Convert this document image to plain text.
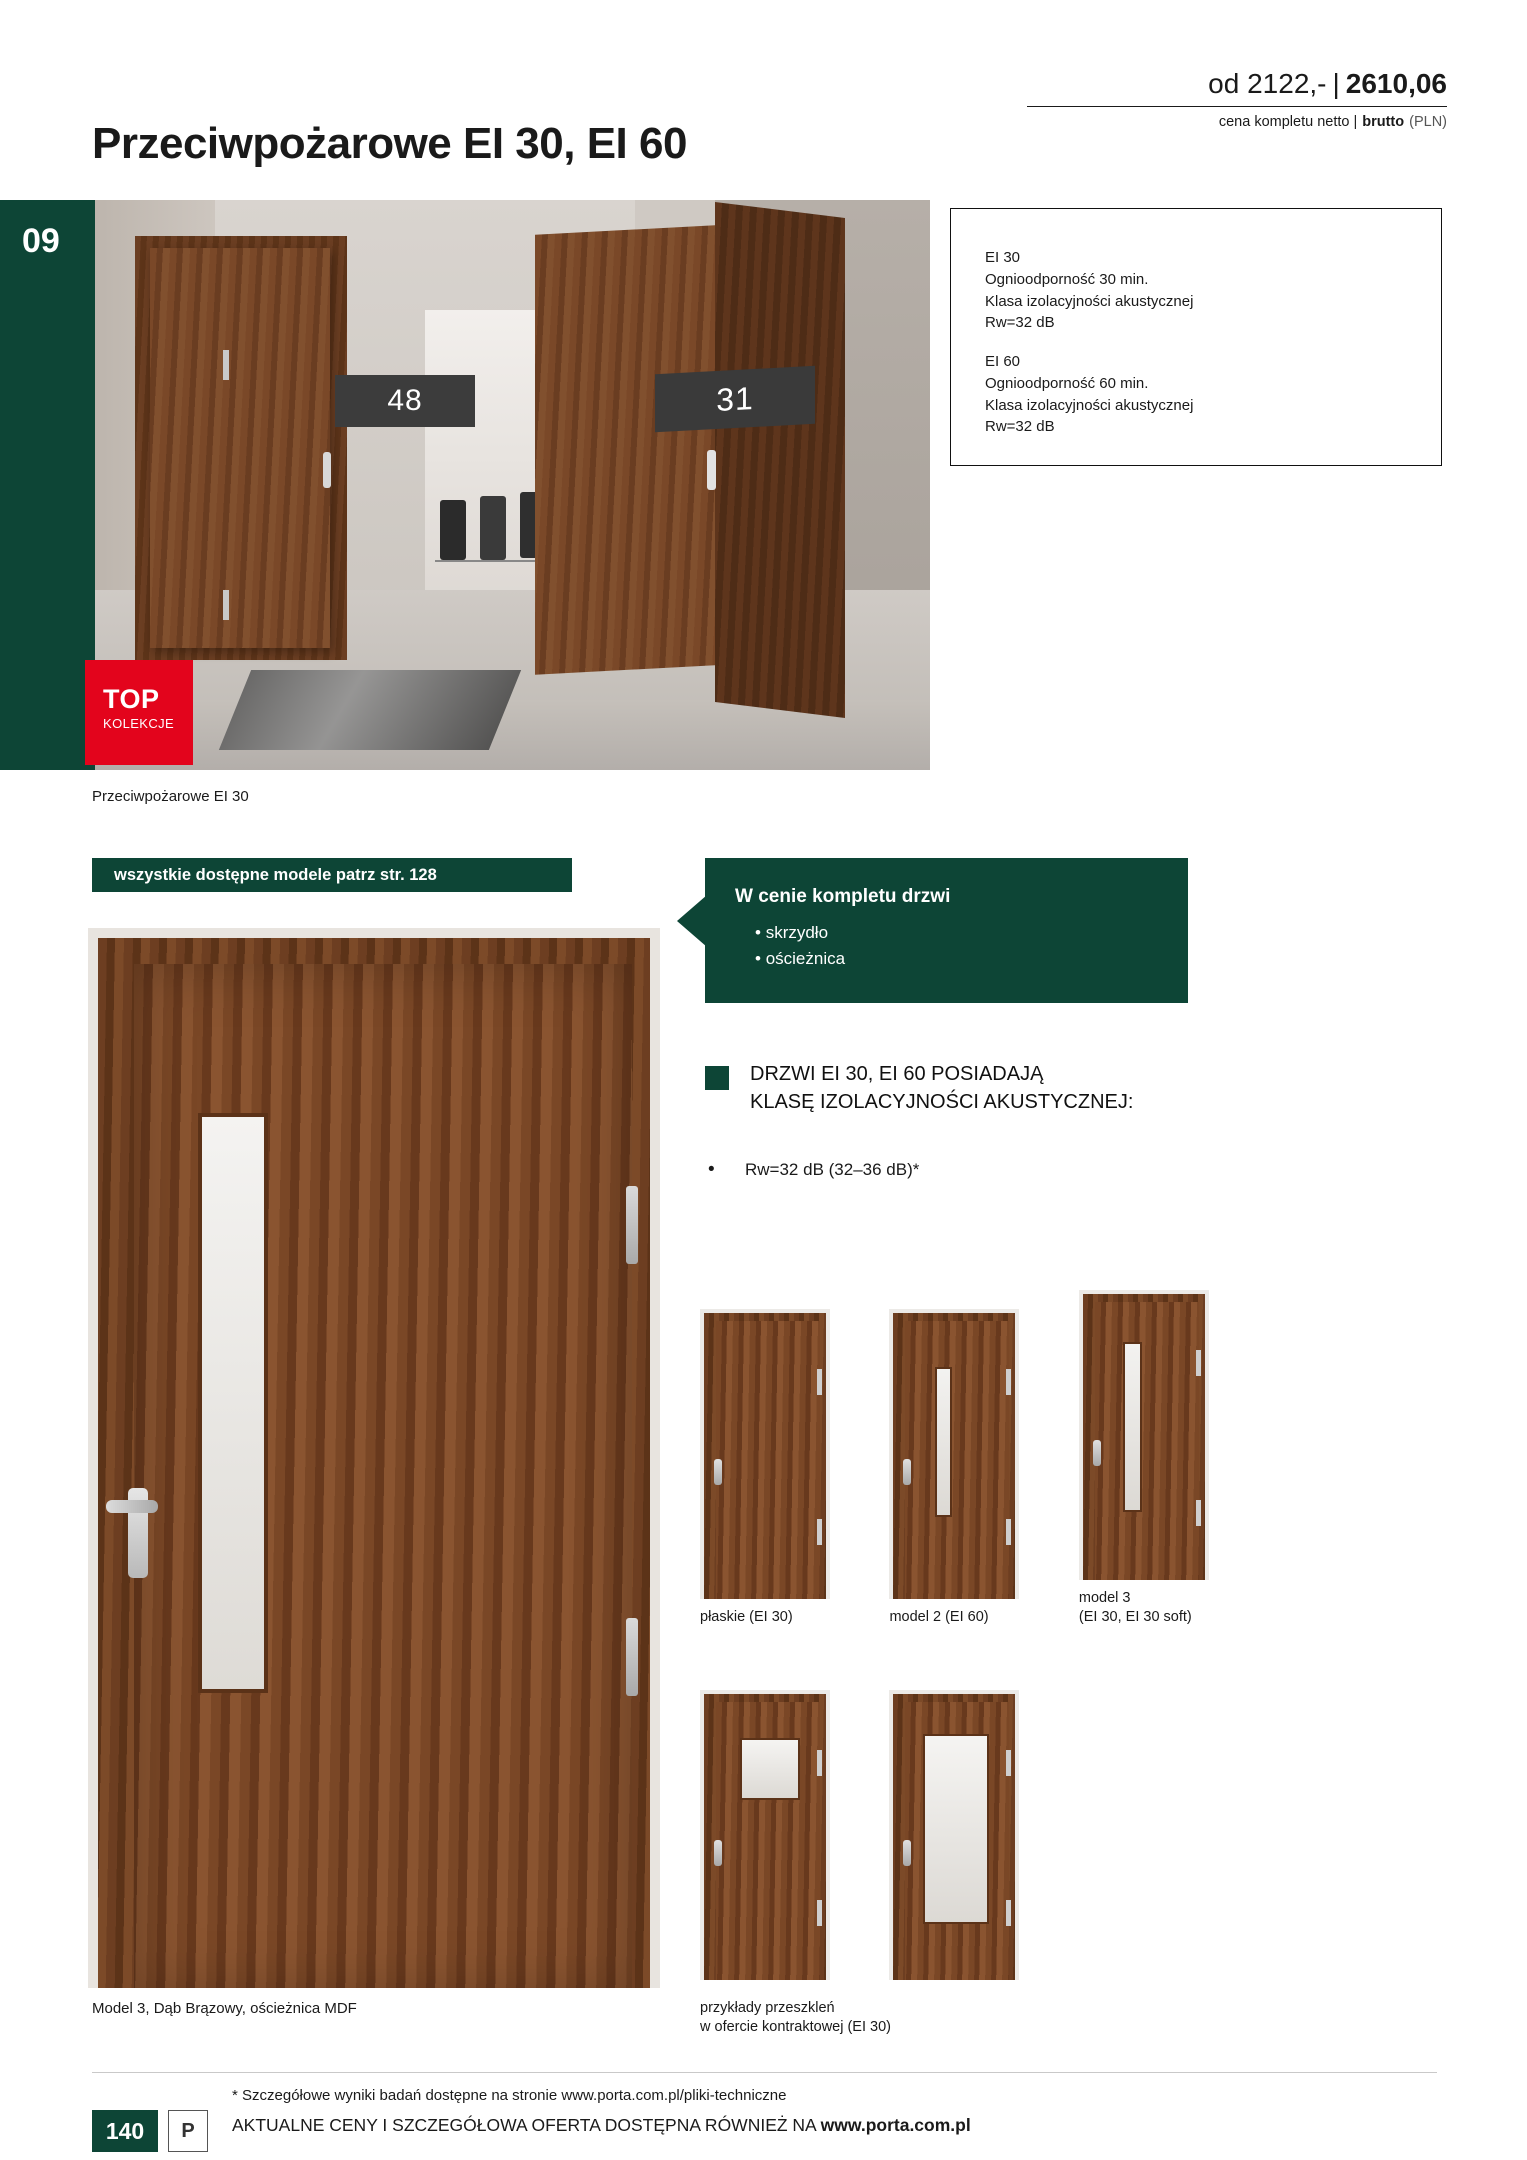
Przeciwpożarowe EI 30, EI 60
od 2122,- | 2610,06
cena kompletu netto | brutto (PLN)
09
48	31
TOP
KOLEKCJE
Przeciwpożarowe EI 30

EI 30

Ognioodporność 30 min.

Klasa izolacyjności akustycznej

Rw=32 dB

EI 60

Ognioodporność 60 min.

Klasa izolacyjności akustycznej

Rw=32 dB

wszystkie dostępne modele patrz str. 128
Model 3, Dąb Brązowy, ościeżnica MDF
W cenie kompletu drzwi
• skrzydło
• ościeżnica
DRZWI EI 30, EI 60 POSIADAJĄ
KLASĘ IZOLACYJNOŚCI AKUSTYCZNEJ:
• Rw=32 dB (32–36 dB)*
płaskie (EI 30)
	model 2 (EI 60)

model 3
(EI 30, EI 30 soft)

przykłady przeszkleń
w ofercie kontraktowej (EI 30)
* Szczegółowe wyniki badań dostępne na stronie www.porta.com.pl/pliki-techniczne
AKTUALNE CENY I SZCZEGÓŁOWA OFERTA DOSTĘPNA RÓWNIEŻ NA www.porta.com.pl
140	P
